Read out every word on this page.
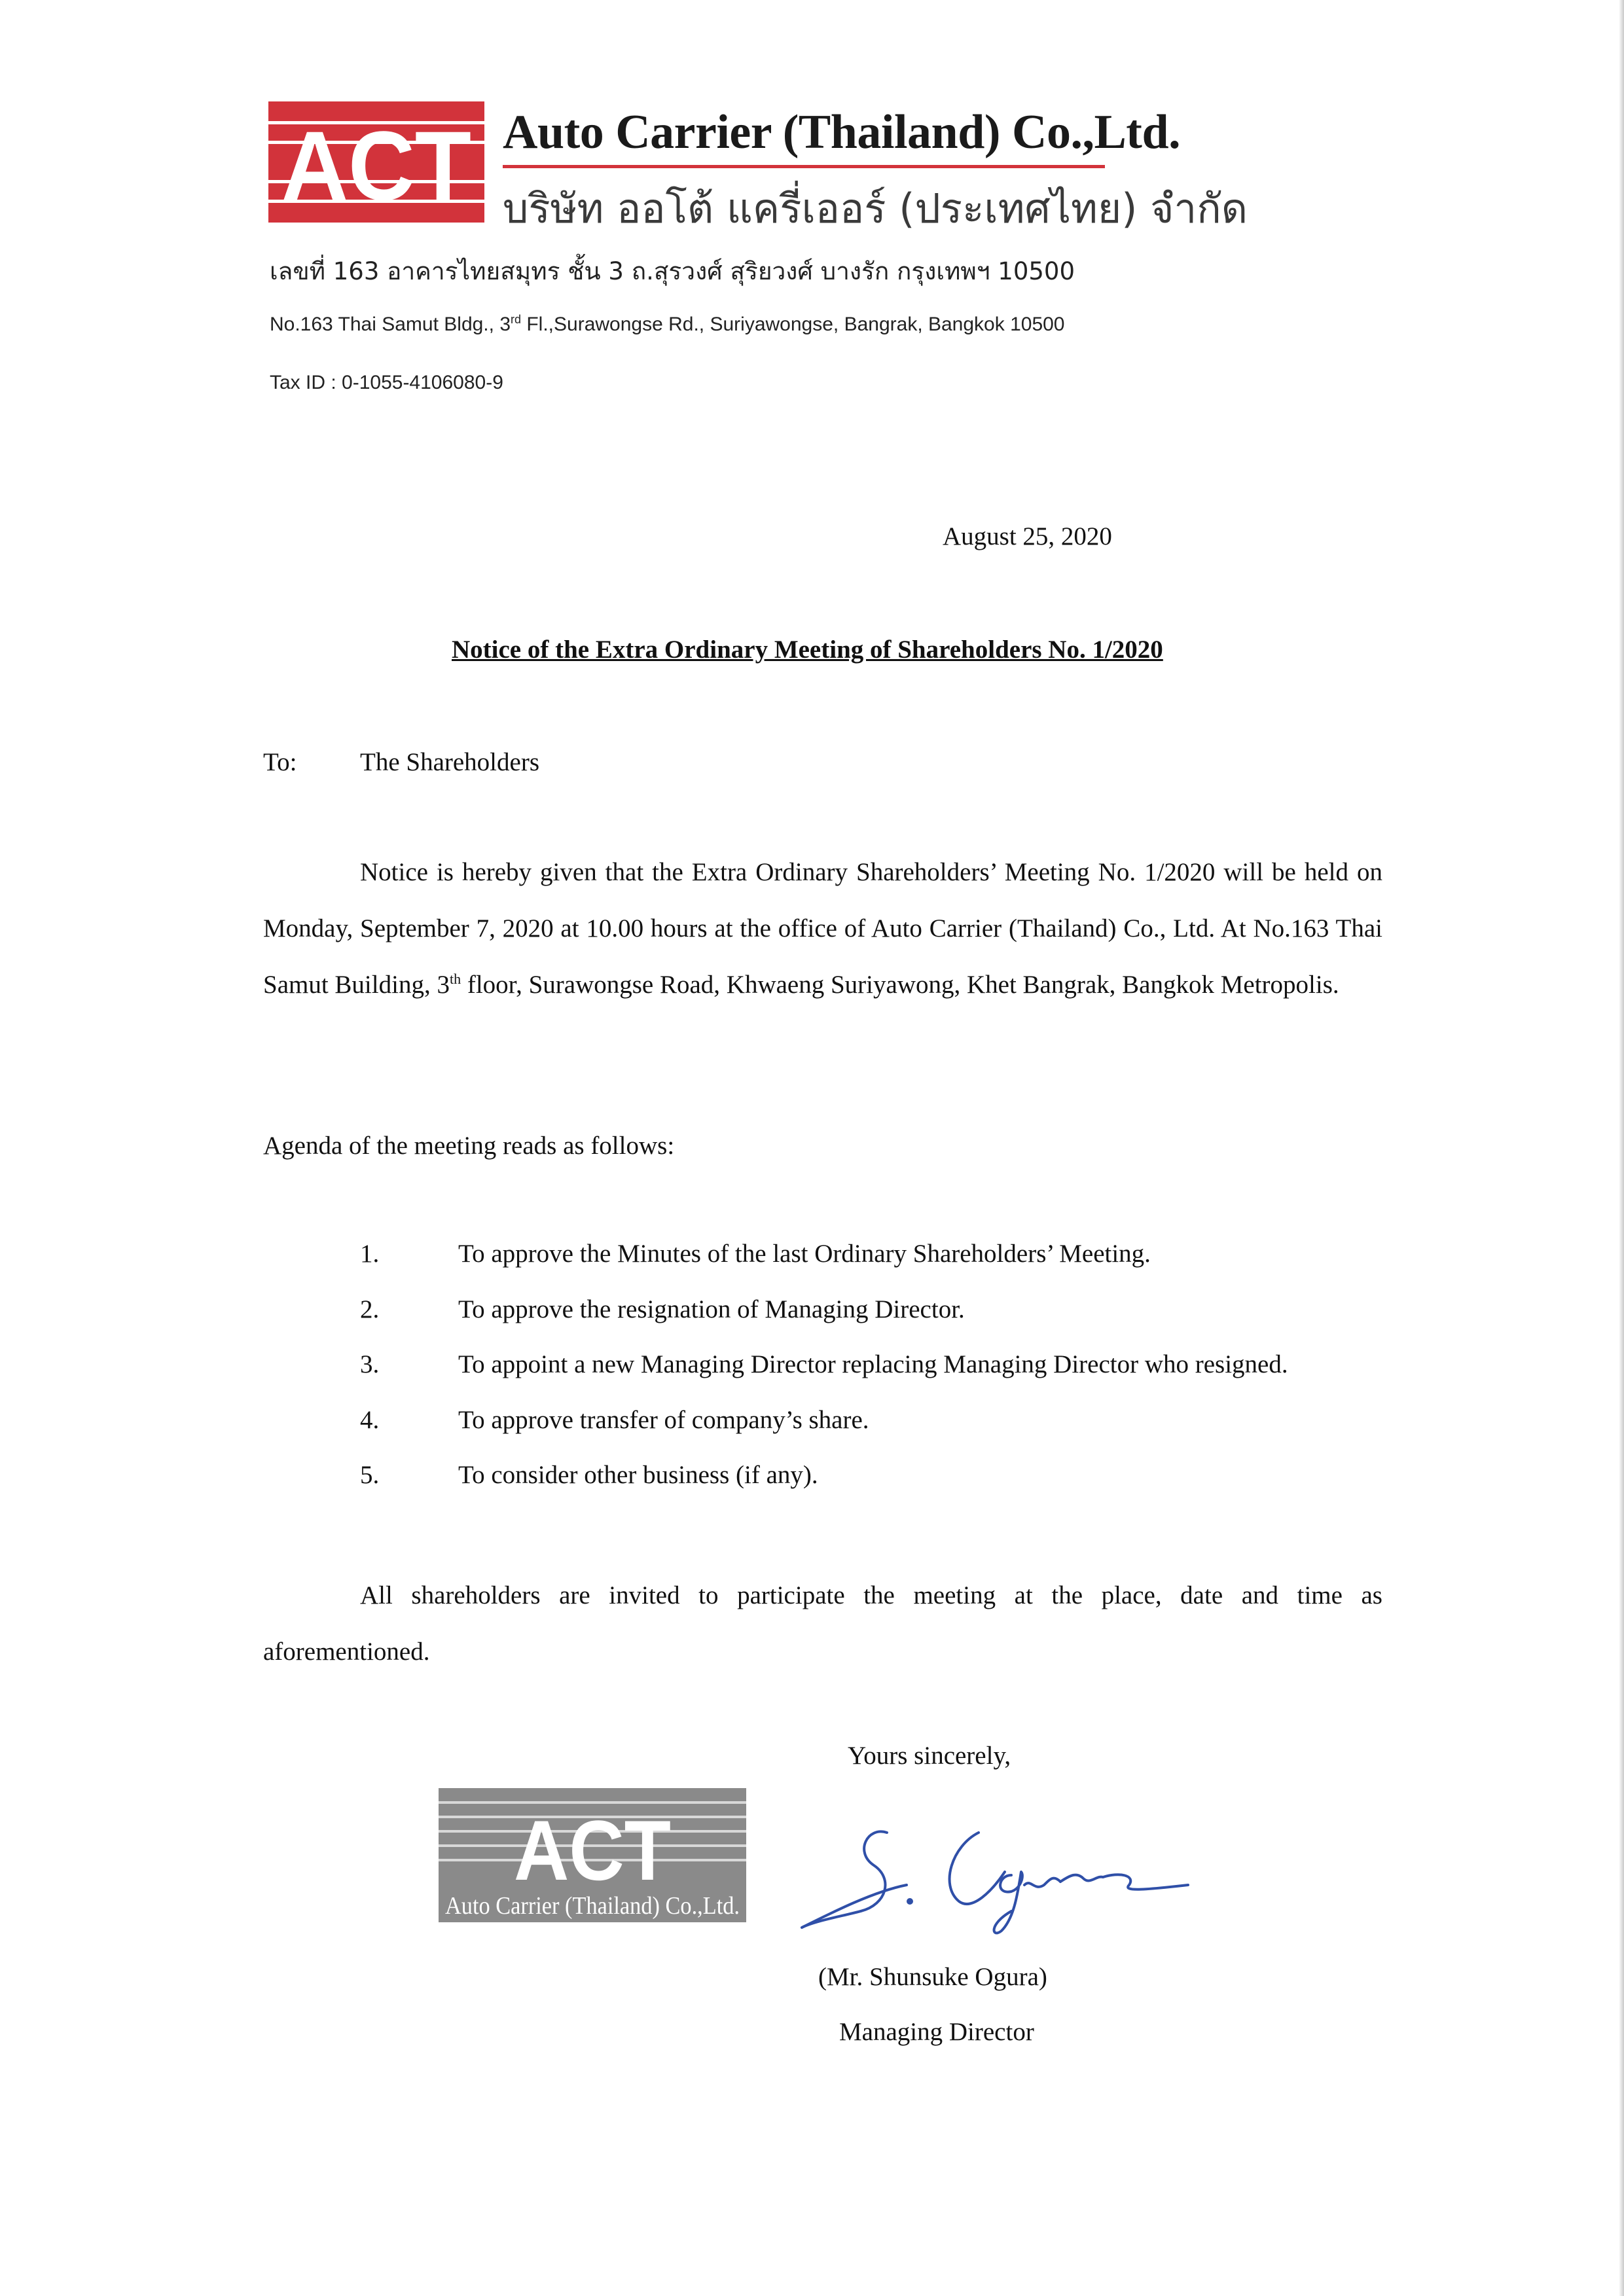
ACT Auto Carrier (Thailand) Co.,Ltd.
บริษัท ออโต้ แครี่เออร์ (ประเทศไทย) จำกัด
เลขที่ 163 อาคารไทยสมุทร ชั้น 3 ถ.สุรวงศ์ สุริยวงศ์ บางรัก กรุงเทพฯ 10500
No.163 Thai Samut Bldg., 3rd Fl.,Surawongse Rd., Suriyawongse, Bangrak, Bangkok 10500
Tax ID : 0-1055-4106080-9
August 25, 2020
Notice of the Extra Ordinary Meeting of Shareholders No. 1/2020
To: The Shareholders
Notice is hereby given that the Extra Ordinary Shareholders’ Meeting No. 1/2020 will be held on Monday, September 7, 2020 at 10.00 hours at the office of Auto Carrier (Thailand) Co., Ltd. At No.163 Thai Samut Building, 3th floor, Surawongse Road, Khwaeng Suriyawong, Khet Bangrak, Bangkok Metropolis.
Agenda of the meeting reads as follows:
1.	To approve the Minutes of the last Ordinary Shareholders’ Meeting.
2.	To approve the resignation of Managing Director.
3.	To appoint a new Managing Director replacing Managing Director who resigned.
4.	To approve transfer of company’s share.
5.	To consider other business (if any).
All shareholders are invited to participate the meeting at the place, date and time as aforementioned.
Yours sincerely,
ACT
Auto Carrier (Thailand) Co.,Ltd.
S. Ogura
(Mr. Shunsuke Ogura)
Managing Director
